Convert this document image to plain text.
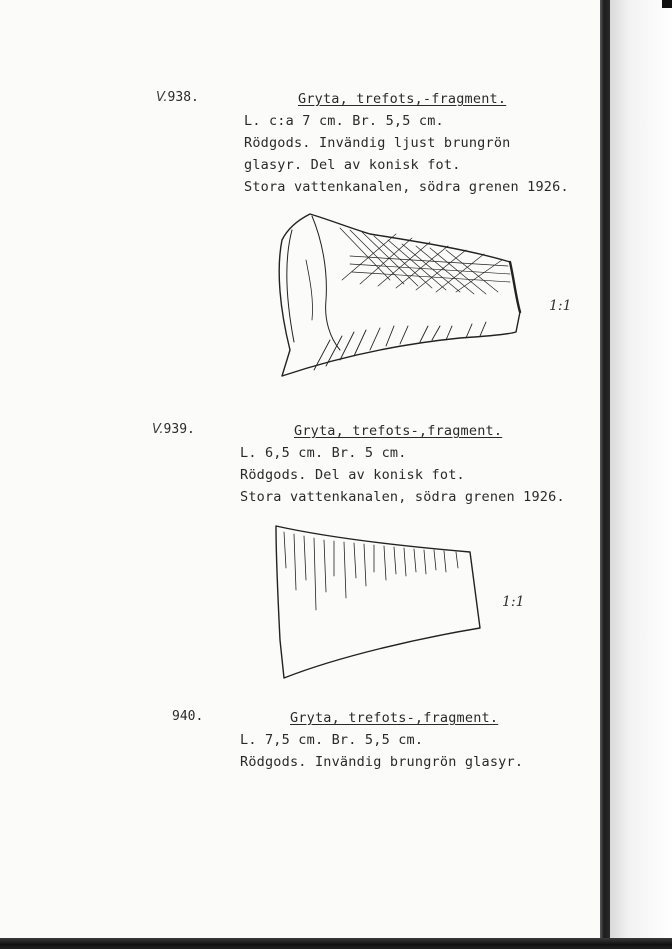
V.938.	Gryta, trefots,-fragment.
L. c:a 7 cm. Br. 5,5 cm.
Rödgods. Invändig ljust brungrön
glasyr. Del av konisk fot.
Stora vattenkanalen, södra grenen 1926.
1:1
V.939.	Gryta, trefots-,fragment.
L. 6,5 cm. Br. 5 cm.
Rödgods. Del av konisk fot.
Stora vattenkanalen, södra grenen 1926.
1:1
940.	Gryta, trefots-,fragment.
L. 7,5 cm. Br. 5,5 cm.
Rödgods. Invändig brungrön glasyr.
